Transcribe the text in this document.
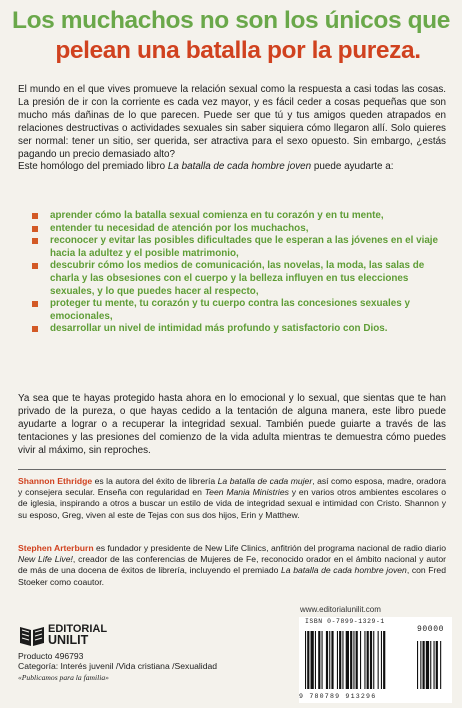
Los muchachos no son los únicos que
pelean una batalla por la pureza.

El mundo en el que vives promueve la relación sexual como la respuesta a casi todas las cosas. La presión de ir con la corriente es cada vez mayor, y es fácil ceder a cosas pequeñas que son mucho más dañinas de lo que parecen. Puede ser que tú y tus amigos queden atrapados en relaciones destructivas o actividades sexuales sin saber siquiera cómo llegaron allí. Solo quieres ser normal: tener un sitio, ser querida, ser atractiva para el sexo opuesto. Sin embargo, ¿estás pagando un precio demasiado alto?

Este homólogo del premiado libro La batalla de cada hombre joven puede ayudarte a:

aprender cómo la batalla sexual comienza en tu corazón y en tu mente,
entender tu necesidad de atención por los muchachos,
reconocer y evitar las posibles dificultades que le esperan a las jóvenes en el viaje hacia la adultez y el posible matrimonio,
descubrir cómo los medios de comunicación, las novelas, la moda, las salas de charla y las obsesiones con el cuerpo y la belleza influyen en tus elecciones sexuales, y lo que puedes hacer al respecto,
proteger tu mente, tu corazón y tu cuerpo contra las concesiones sexuales y emocionales,
desarrollar un nivel de intimidad más profundo y satisfactorio con Dios.

Ya sea que te hayas protegido hasta ahora en lo emocional y lo sexual, que sientas que te han privado de la pureza, o que hayas cedido a la tentación de alguna manera, este libro puede ayudarte a lograr o a recuperar la integridad sexual. También puede guiarte a través de las tentaciones y las presiones del comienzo de la vida adulta mientras te demuestra cómo puedes vivir al máximo, sin reproches.

Shannon Ethridge es la autora del éxito de librería La batalla de cada mujer, así como esposa, madre, oradora y consejera secular. Enseña con regularidad en Teen Mania Ministries y en varios otros ambientes escolares o de iglesia, inspirando a otros a buscar un estilo de vida de integridad sexual e intimidad con Cristo. Shannon y su esposo, Greg, viven al este de Tejas con sus dos hijos, Erin y Matthew.

Stephen Arterburn es fundador y presidente de New Life Clinics, anfitrión del programa nacional de radio diario New Life Live!, creador de las conferencias de Mujeres de Fe, reconocido orador en el ámbito nacional y autor de más de una docena de éxitos de librería, incluyendo el premiado La batalla de cada hombre joven, con Fred Stoeker como coautor.

EDITORIAL
UNILIT
Producto 496793
Categoría: Interés juvenil /Vida cristiana /Sexualidad
«Publicamos para la familia»
www.editorialunilit.com
ISBN 0-7899-1329-1
90000
9 780789 913296
